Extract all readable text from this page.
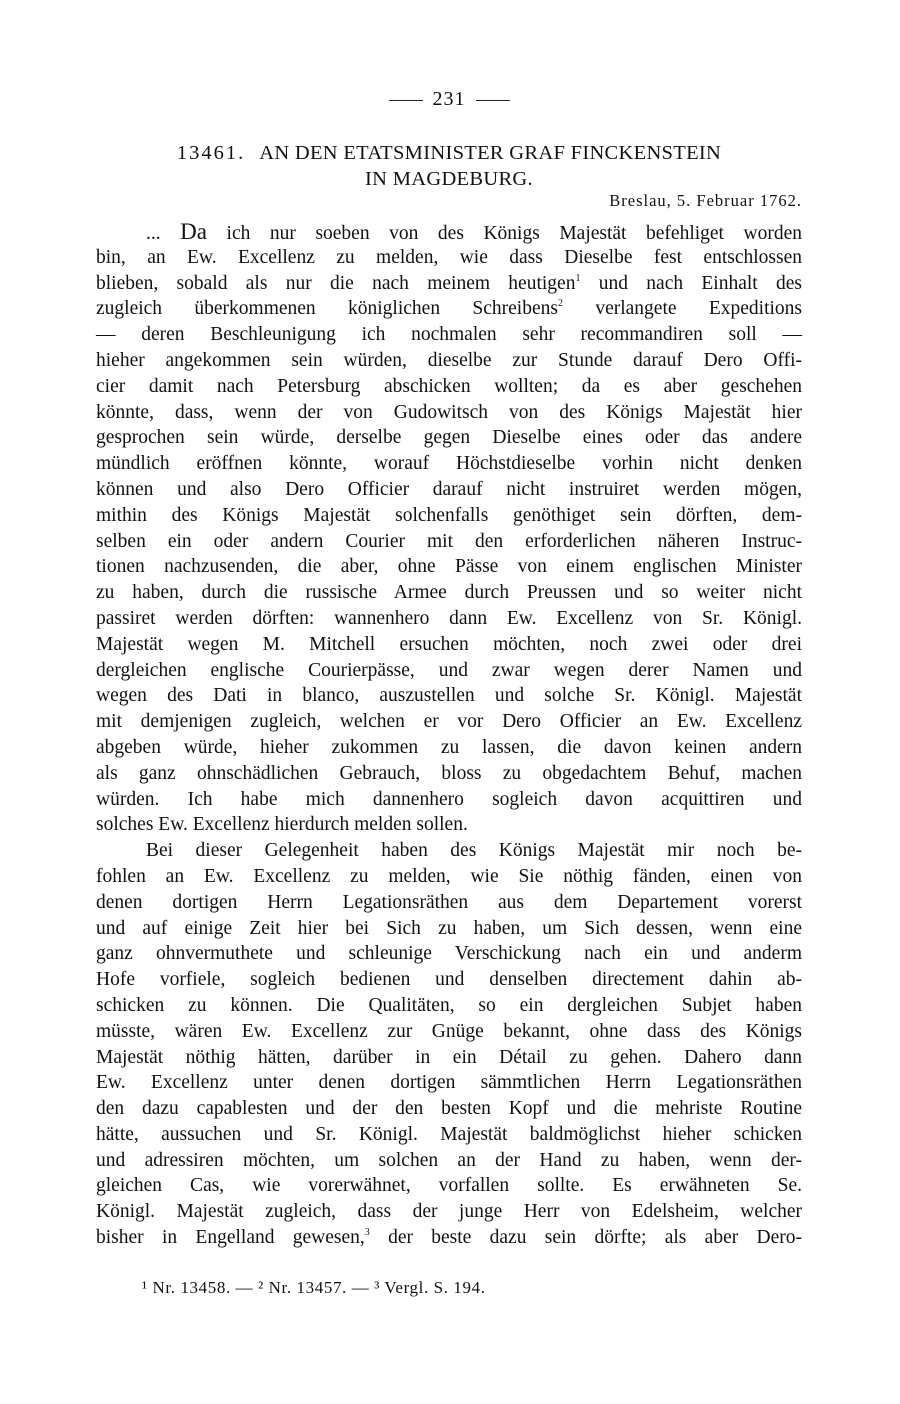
231
13461. AN DEN ETATSMINISTER GRAF FINCKENSTEIN
IN MAGDEBURG.
Breslau, 5. Februar 1762.
... Da ich nur soeben von des Königs Majestät befehliget worden
bin, an Ew. Excellenz zu melden, wie dass Dieselbe fest entschlossen
blieben, sobald als nur die nach meinem heutigen$^1$ und nach Einhalt des
zugleich überkommenen königlichen Schreibens$^2$ verlangete Expeditions
— deren Beschleunigung ich nochmalen sehr recommandiren soll —
hieher angekommen sein würden, dieselbe zur Stunde darauf Dero Offi-
cier damit nach Petersburg abschicken wollten; da es aber geschehen
könnte, dass, wenn der von Gudowitsch von des Königs Majestät hier
gesprochen sein würde, derselbe gegen Dieselbe eines oder das andere
mündlich eröffnen könnte, worauf Höchstdieselbe vorhin nicht denken
können und also Dero Officier darauf nicht instruiret werden mögen,
mithin des Königs Majestät solchenfalls genöthiget sein dörften, dem-
selben ein oder andern Courier mit den erforderlichen näheren Instruc-
tionen nachzusenden, die aber, ohne Pässe von einem englischen Minister
zu haben, durch die russische Armee durch Preussen und so weiter nicht
passiret werden dörften: wannenhero dann Ew. Excellenz von Sr. Königl.
Majestät wegen M. Mitchell ersuchen möchten, noch zwei oder drei
dergleichen englische Courierpässe, und zwar wegen derer Namen und
wegen des Dati in blanco, auszustellen und solche Sr. Königl. Majestät
mit demjenigen zugleich, welchen er vor Dero Officier an Ew. Excellenz
abgeben würde, hieher zukommen zu lassen, die davon keinen andern
als ganz ohnschädlichen Gebrauch, bloss zu obgedachtem Behuf, machen
würden. Ich habe mich dannenhero sogleich davon acquittiren und
solches Ew. Excellenz hierdurch melden sollen.
Bei dieser Gelegenheit haben des Königs Majestät mir noch be-
fohlen an Ew. Excellenz zu melden, wie Sie nöthig fänden, einen von
denen dortigen Herrn Legationsräthen aus dem Departement vorerst
und auf einige Zeit hier bei Sich zu haben, um Sich dessen, wenn eine
ganz ohnvermuthete und schleunige Verschickung nach ein und anderm
Hofe vorfiele, sogleich bedienen und denselben directement dahin ab-
schicken zu können. Die Qualitäten, so ein dergleichen Subjet haben
müsste, wären Ew. Excellenz zur Gnüge bekannt, ohne dass des Königs
Majestät nöthig hätten, darüber in ein Détail zu gehen. Dahero dann
Ew. Excellenz unter denen dortigen sämmtlichen Herrn Legationsräthen
den dazu capablesten und der den besten Kopf und die mehriste Routine
hätte, aussuchen und Sr. Königl. Majestät baldmöglichst hieher schicken
und adressiren möchten, um solchen an der Hand zu haben, wenn der-
gleichen Cas, wie vorerwähnet, vorfallen sollte. Es erwähneten Se.
Königl. Majestät zugleich, dass der junge Herr von Edelsheim, welcher
bisher in Engelland gewesen,$^3$ der beste dazu sein dörfte; als aber Dero-
¹ Nr. 13458. — ² Nr. 13457. — ³ Vergl. S. 194.
